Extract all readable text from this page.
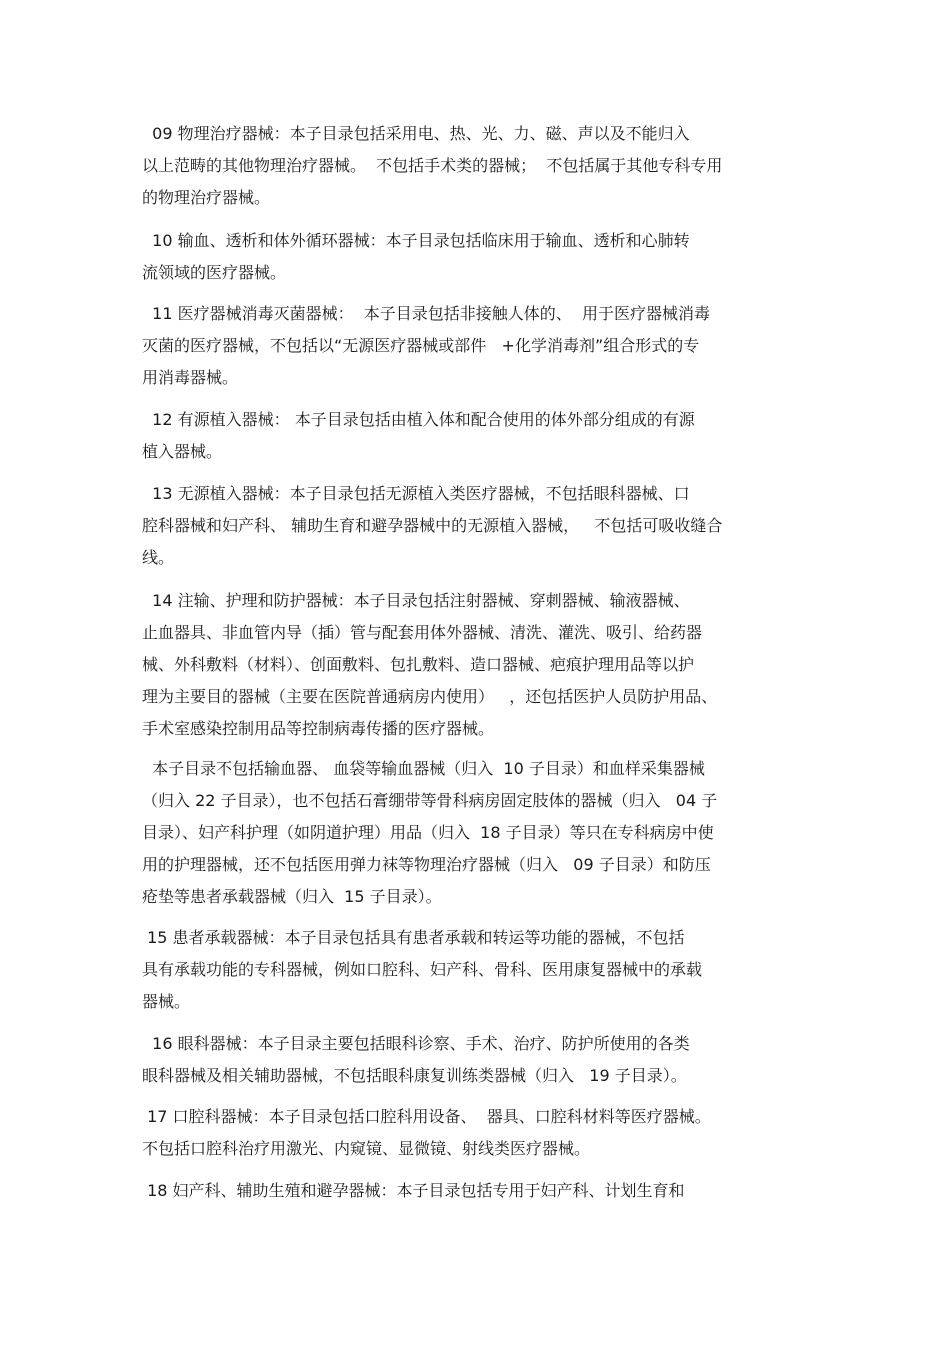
09 物理治疗器械：本子目录包括采用电、热、光、力、磁、声以及不能归入
以上范畴的其他物理治疗器械。  不包括手术类的器械；  不包括属于其他专科专用
的物理治疗器械。
10 输血、透析和体外循环器械：本子目录包括临床用于输血、透析和心肺转
流领域的医疗器械。
11 医疗器械消毒灭菌器械：  本子目录包括非接触人体的、  用于医疗器械消毒
灭菌的医疗器械，不包括以“无源医疗器械或部件   +化学消毒剂”组合形式的专
用消毒器械。
12 有源植入器械： 本子目录包括由植入体和配合使用的体外部分组成的有源
植入器械。
13 无源植入器械：本子目录包括无源植入类医疗器械，不包括眼科器械、口
腔科器械和妇产科、 辅助生育和避孕器械中的无源植入器械，   不包括可吸收缝合
线。
14 注输、护理和防护器械：本子目录包括注射器械、穿刺器械、输液器械、
止血器具、非血管内导（插）管与配套用体外器械、清洗、灌洗、吸引、给药器
械、外科敷料（材料）、创面敷料、包扎敷料、造口器械、疤痕护理用品等以护
理为主要目的器械（主要在医院普通病房内使用）   ，还包括医护人员防护用品、
手术室感染控制用品等控制病毒传播的医疗器械。
本子目录不包括输血器、 血袋等输血器械（归入  10 子目录）和血样采集器械
（归入 22 子目录），也不包括石膏绷带等骨科病房固定肢体的器械（归入   04 子
目录）、妇产科护理（如阴道护理）用品（归入  18 子目录）等只在专科病房中使
用的护理器械，还不包括医用弹力袜等物理治疗器械（归入   09 子目录）和防压
疮垫等患者承载器械（归入  15 子目录）。
15 患者承载器械：本子目录包括具有患者承载和转运等功能的器械，不包括
具有承载功能的专科器械，例如口腔科、妇产科、骨科、医用康复器械中的承载
器械。
16 眼科器械：本子目录主要包括眼科诊察、手术、治疗、防护所使用的各类
眼科器械及相关辅助器械，不包括眼科康复训练类器械（归入   19 子目录）。
17 口腔科器械：本子目录包括口腔科用设备、  器具、口腔科材料等医疗器械。
不包括口腔科治疗用激光、内窥镜、显微镜、射线类医疗器械。
18 妇产科、辅助生殖和避孕器械：本子目录包括专用于妇产科、计划生育和
